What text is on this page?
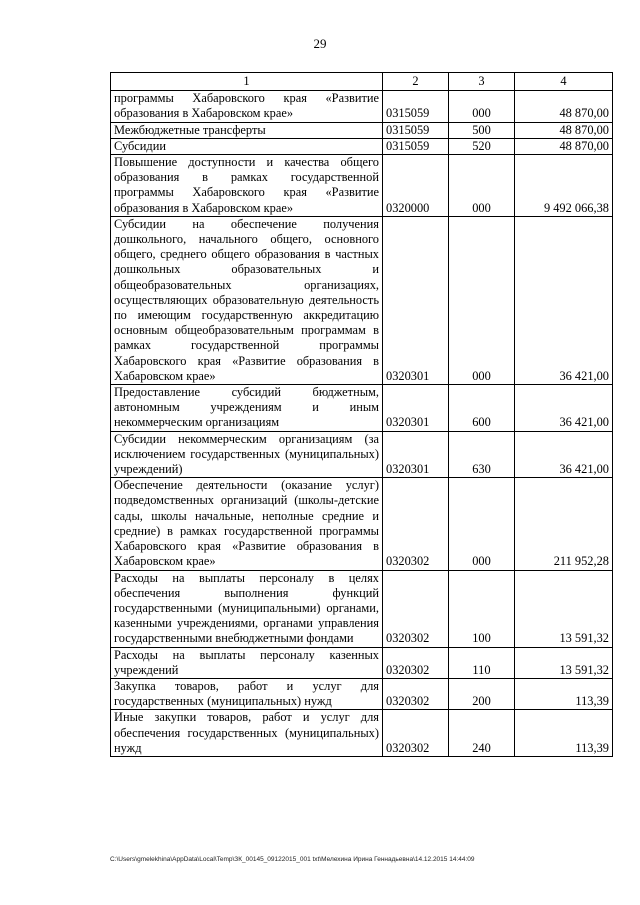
29
1	2	3	4
программы Хабаровского края «Развитие образования в Хабаровском крае»	0315059	000	48 870,00
Межбюджетные трансферты	0315059	500	48 870,00
Субсидии	0315059	520	48 870,00
Повышение доступности и качества общего образования в рамках государственной программы Хабаровского края «Развитие образования в Хабаровском крае»	0320000	000	9 492 066,38
Субсидии на обеспечение получения дошкольного, начального общего, основного общего, среднего общего образования в частных дошкольных образовательных и общеобразовательных организациях, осуществляющих образовательную деятельность по имеющим государственную аккредитацию основным общеобразовательным программам в рамках государственной программы Хабаровского края «Развитие образования в Хабаровском крае»	0320301	000	36 421,00
Предоставление субсидий бюджетным, автономным учреждениям и иным некоммерческим организациям	0320301	600	36 421,00
Субсидии некоммерческим организациям (за исключением государственных (муниципальных) учреждений)	0320301	630	36 421,00
Обеспечение деятельности (оказание услуг) подведомственных организаций (школы-детские сады, школы начальные, неполные средние и средние) в рамках государственной программы Хабаровского края «Развитие образования в Хабаровском крае»	0320302	000	211 952,28
Расходы на выплаты персоналу в целях обеспечения выполнения функций государственными (муниципальными) органами, казенными учреждениями, органами управления государственными внебюджетными фондами	0320302	100	13 591,32
Расходы на выплаты персоналу казенных учреждений	0320302	110	13 591,32
Закупка товаров, работ и услуг для государственных (муниципальных) нужд	0320302	200	113,39
Иные закупки товаров, работ и услуг для обеспечения государственных (муниципальных) нужд	0320302	240	113,39
C:\Users\gmelekhina\AppData\Local\Temp\ЗК_00145_09122015_001 txt\Мелехина Ирина Геннадьевна\14.12.2015 14:44:09
